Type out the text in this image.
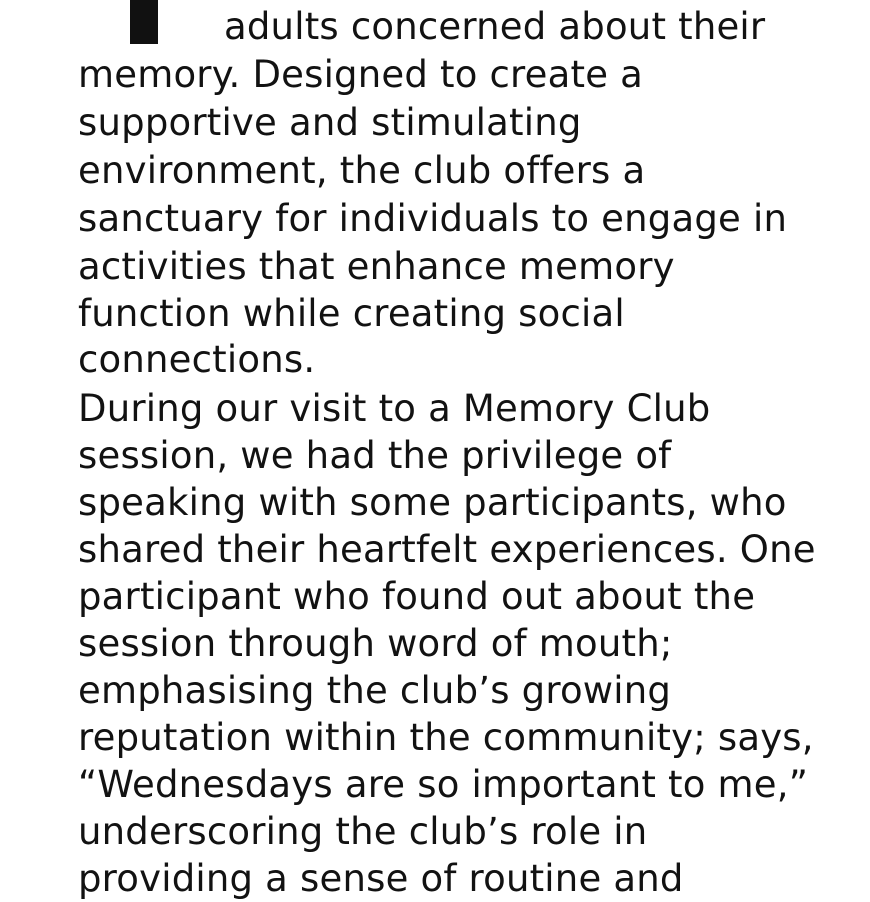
adults concerned about their
memory. Designed to create a
supportive and stimulating
environment, the club offers a
sanctuary for individuals to engage in
activities that enhance memory
function while creating social
connections.
During our visit to a Memory Club
session, we had the privilege of
speaking with some participants, who
shared their heartfelt experiences. One
participant who found out about the
session through word of mouth;
emphasising the club’s growing
reputation within the community; says,
“Wednesdays are so important to me,”
underscoring the club’s role in
providing a sense of routine and
